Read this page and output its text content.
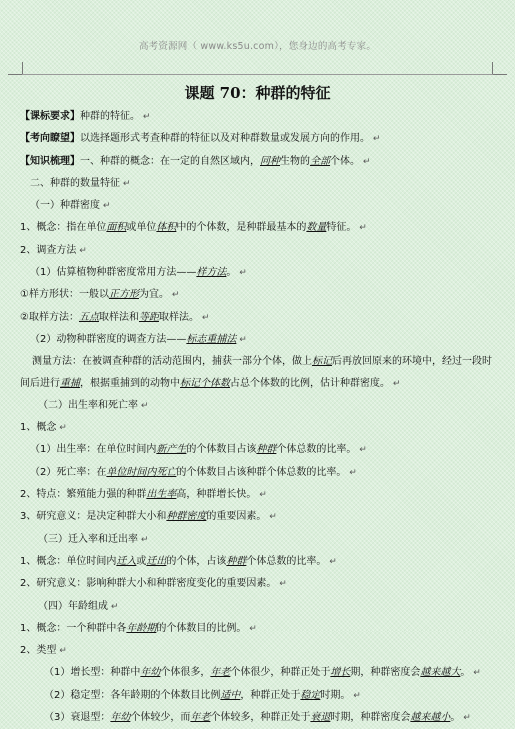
高考资源网（ www.ks5u.com），您身边的高考专家。
课题 70：种群的特征
【课标要求】种群的特征。 ↵
【考向瞭望】以选择题形式考查种群的特征以及对种群数量或发展方向的作用。 ↵
【知识梳理】一、种群的概念：在一定的自然区域内，同种生物的全部个体。 ↵
二、种群的数量特征 ↵
（一）种群密度 ↵
1、概念：指在单位面积或单位体积中的个体数，是种群最基本的数量特征。 ↵
2、调查方法 ↵
（1）估算植物种群密度常用方法——样方法。 ↵
①样方形状：一般以正方形为宜。 ↵
②取样方法：五点取样法和等距取样法。 ↵
（2）动物种群密度的调查方法——标志重捕法 ↵
测量方法：在被调查种群的活动范围内，捕获一部分个体，做上标记后再放回原来的环境中，经过一段时间后进行重捕，根据重捕到的动物中标记个体数占总个体数的比例，估计种群密度。 ↵
（二）出生率和死亡率 ↵
1、概念 ↵
（1）出生率：在单位时间内新产生的个体数目占该种群个体总数的比率。 ↵
（2）死亡率：在单位时间内死亡的个体数目占该种群个体总数的比率。 ↵
2、特点：繁殖能力强的种群出生率高，种群增长快。 ↵
3、研究意义：是决定种群大小和种群密度的重要因素。 ↵
（三）迁入率和迁出率 ↵
1、概念：单位时间内迁入或迁出的个体，占该种群个体总数的比率。 ↵
2、研究意义：影响种群大小和种群密度变化的重要因素。 ↵
（四）年龄组成 ↵
1、概念：一个种群中各年龄期的个体数目的比例。 ↵
2、类型 ↵
（1）增长型：种群中年幼个体很多，年老个体很少，种群正处于增长期，种群密度会越来越大。 ↵
（2）稳定型：各年龄期的个体数目比例适中，种群正处于稳定时期。 ↵
（3）衰退型：年幼个体较少，而年老个体较多，种群正处于衰退时期，种群密度会越来越小。 ↵
